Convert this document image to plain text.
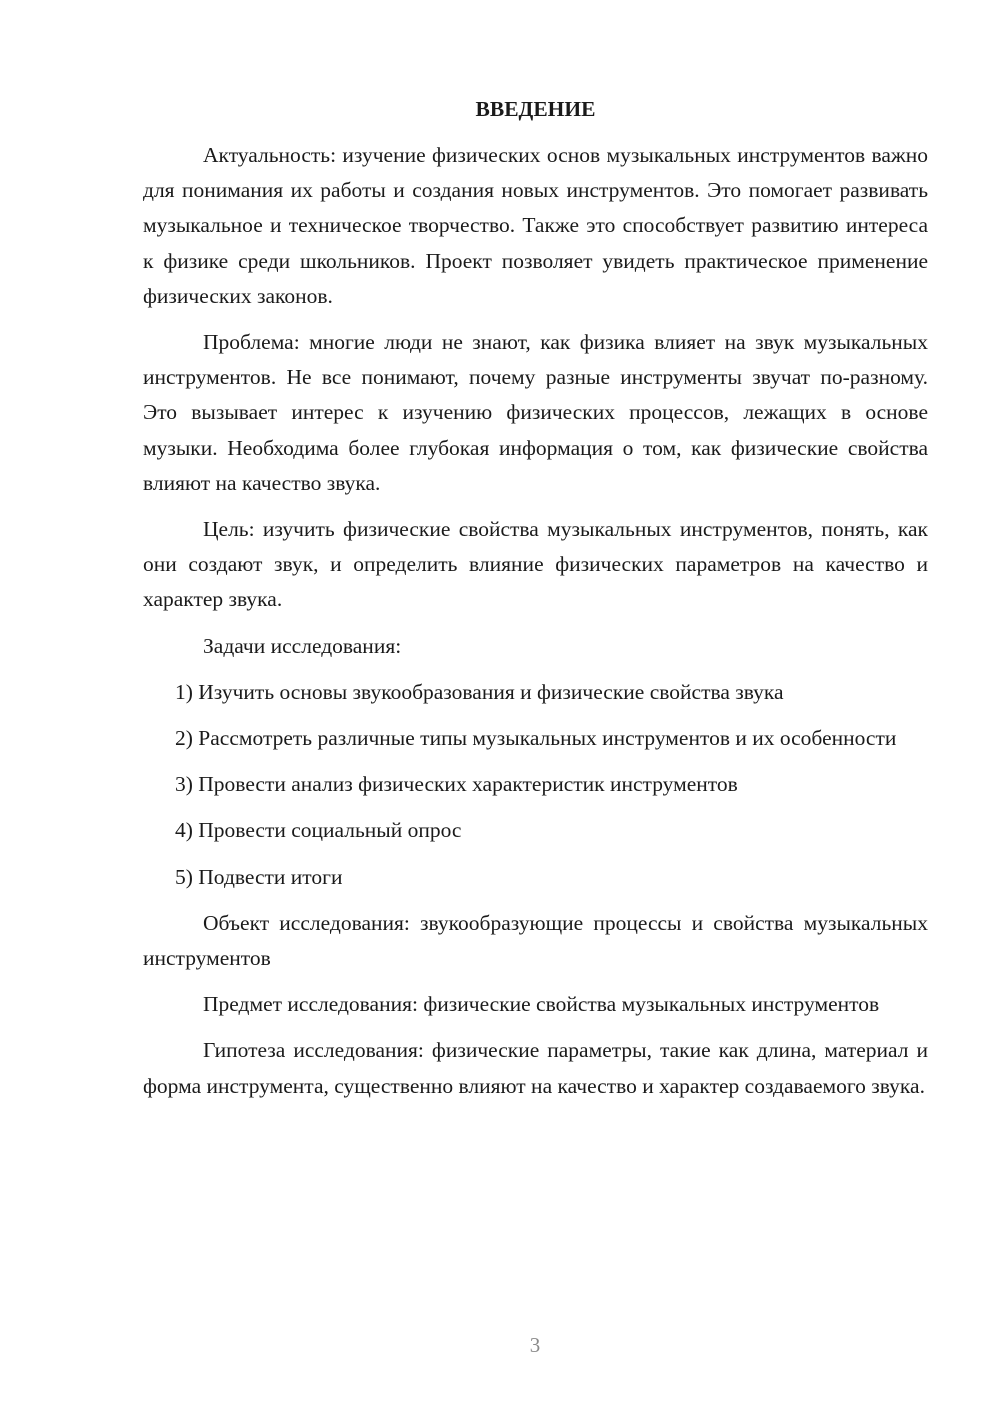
ВВЕДЕНИЕ

Актуальность: изучение физических основ музыкальных инструментов важно для понимания их работы и создания новых инструментов. Это помогает развивать музыкальное и техническое творчество. Также это способствует развитию интереса к физике среди школьников. Проект позволяет увидеть практическое применение физических законов.

Проблема: многие люди не знают, как физика влияет на звук музыкальных инструментов. Не все понимают, почему разные инструменты звучат по-разному. Это вызывает интерес к изучению физических процессов, лежащих в основе музыки. Необходима более глубокая информация о том, как физические свойства влияют на качество звука.

Цель: изучить физические свойства музыкальных инструментов, понять, как они создают звук, и определить влияние физических параметров на качество и характер звука.

Задачи исследования:

1) Изучить основы звукообразования и физические свойства звука

2) Рассмотреть различные типы музыкальных инструментов и их особенности

3) Провести анализ физических характеристик инструментов

4) Провести социальный опрос

5) Подвести итоги

Объект исследования: звукообразующие процессы и свойства музыкальных инструментов

Предмет исследования: физические свойства музыкальных инструментов

Гипотеза исследования: физические параметры, такие как длина, материал и форма инструмента, существенно влияют на качество и характер создаваемого звука.

3
